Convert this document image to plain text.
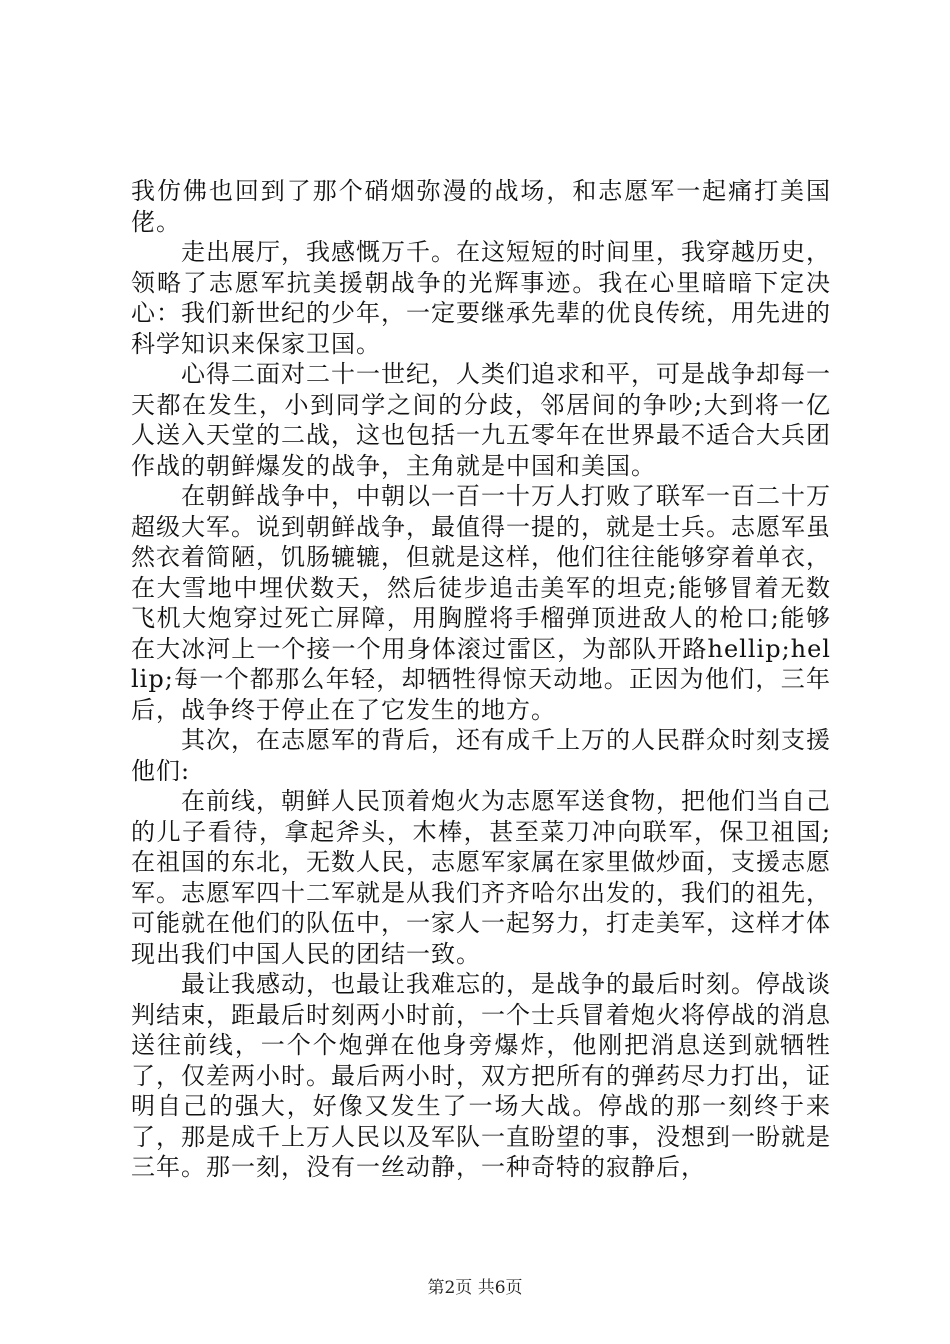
我仿佛也回到了那个硝烟弥漫的战场，和志愿军一起痛打美国佬。

走出展厅，我感慨万千。在这短短的时间里，我穿越历史，领略了志愿军抗美援朝战争的光辉事迹。我在心里暗暗下定决心：我们新世纪的少年，一定要继承先辈的优良传统，用先进的科学知识来保家卫国。

心得二面对二十一世纪，人类们追求和平，可是战争却每一天都在发生，小到同学之间的分歧，邻居间的争吵;大到将一亿人送入天堂的二战，这也包括一九五零年在世界最不适合大兵团作战的朝鲜爆发的战争，主角就是中国和美国。

在朝鲜战争中，中朝以一百一十万人打败了联军一百二十万超级大军。说到朝鲜战争，最值得一提的，就是士兵。志愿军虽然衣着简陋，饥肠辘辘，但就是这样，他们往往能够穿着单衣，在大雪地中埋伏数天，然后徒步追击美军的坦克;能够冒着无数飞机大炮穿过死亡屏障，用胸膛将手榴弹顶进敌人的枪口;能够在大冰河上一个接一个用身体滚过雷区，为部队开路hellip;hellip;每一个都那么年轻，却牺牲得惊天动地。正因为他们，三年后，战争终于停止在了它发生的地方。

其次，在志愿军的背后，还有成千上万的人民群众时刻支援他们:

在前线，朝鲜人民顶着炮火为志愿军送食物，把他们当自己的儿子看待，拿起斧头，木棒，甚至菜刀冲向联军，保卫祖国;在祖国的东北，无数人民，志愿军家属在家里做炒面，支援志愿军。志愿军四十二军就是从我们齐齐哈尔出发的，我们的祖先，可能就在他们的队伍中，一家人一起努力，打走美军，这样才体现出我们中国人民的团结一致。

最让我感动，也最让我难忘的，是战争的最后时刻。停战谈判结束，距最后时刻两小时前，一个士兵冒着炮火将停战的消息送往前线，一个个炮弹在他身旁爆炸，他刚把消息送到就牺牲了，仅差两小时。最后两小时，双方把所有的弹药尽力打出，证明自己的强大，好像又发生了一场大战。停战的那一刻终于来了，那是成千上万人民以及军队一直盼望的事，没想到一盼就是三年。那一刻，没有一丝动静，一种奇特的寂静后，

第2页 共6页
